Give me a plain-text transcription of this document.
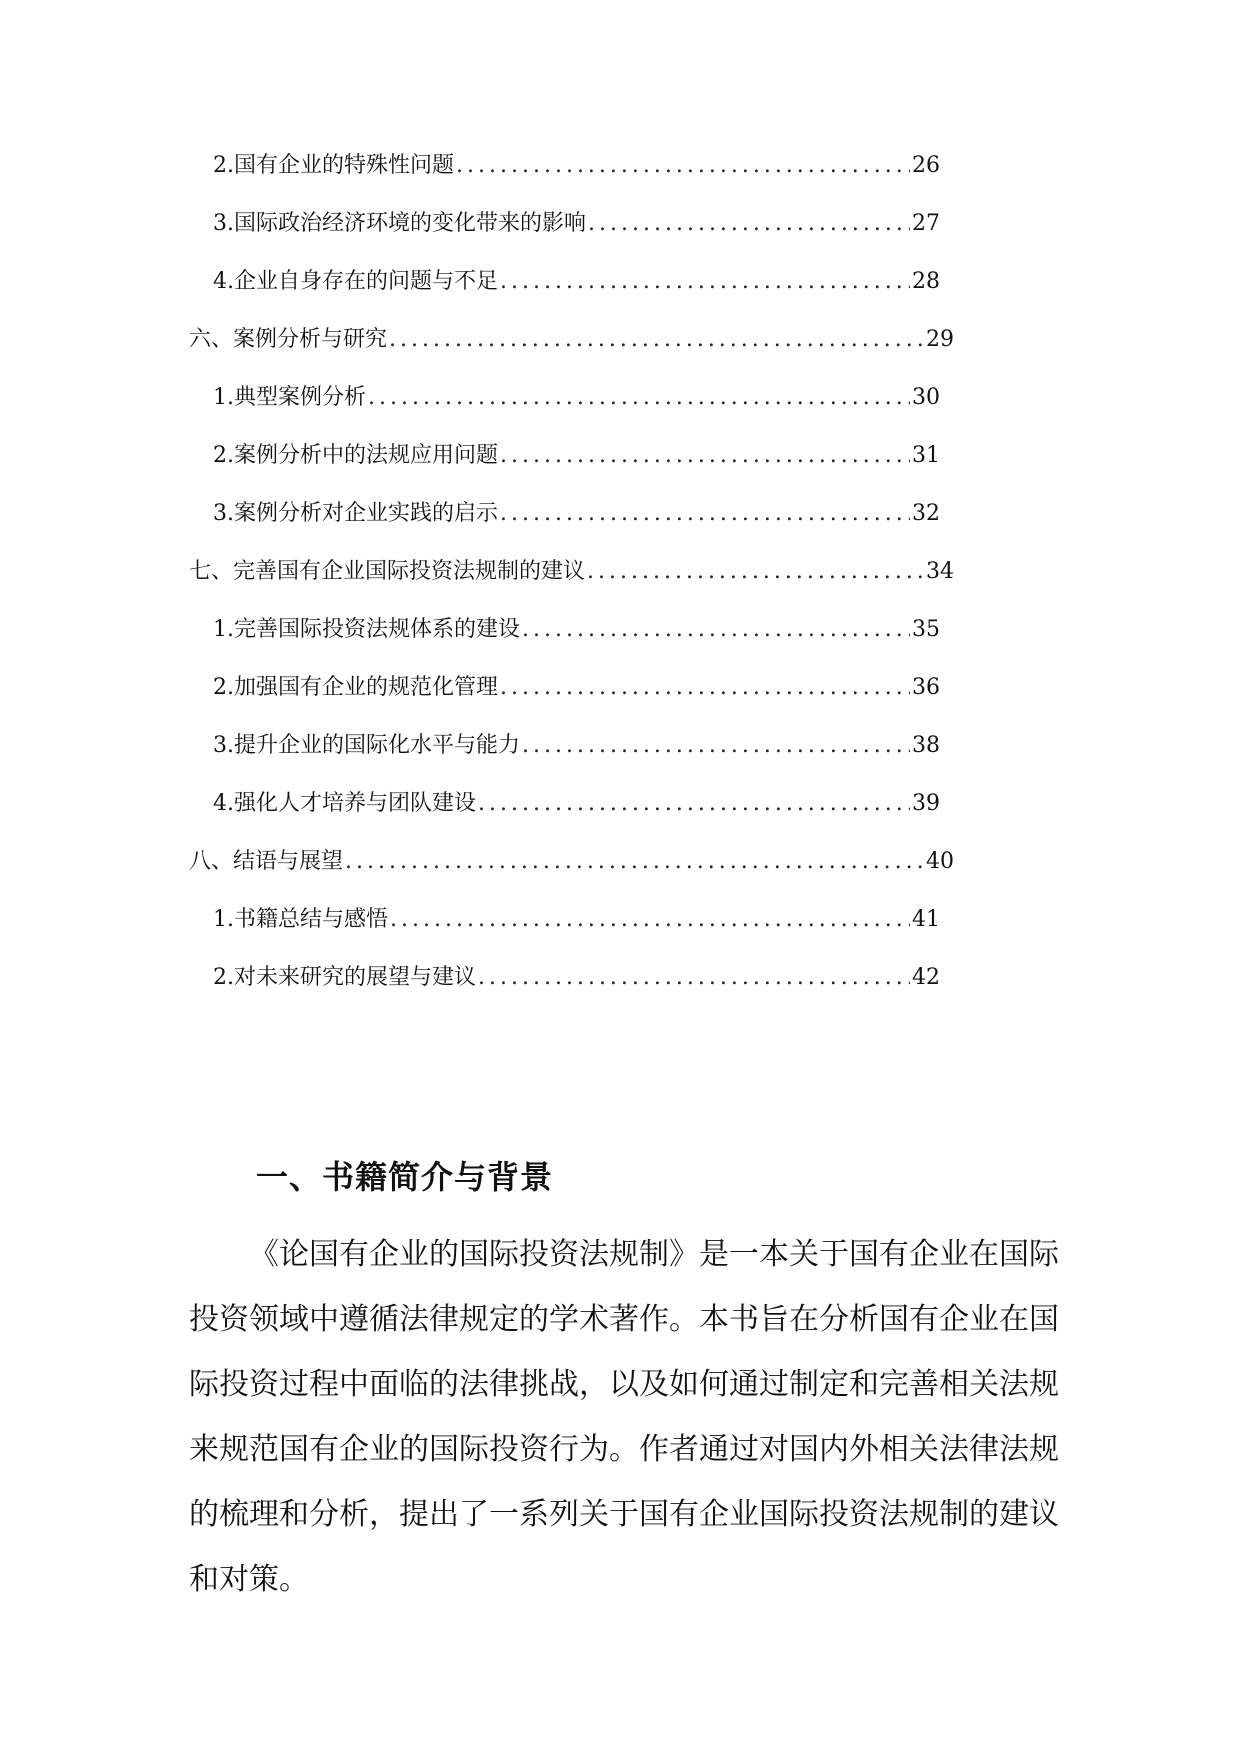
2. 国有企业的特殊性问题 .....	26
3. 国际政治经济环境的变化带来的影响 .....	27
4. 企业自身存在的问题与不足 .....	28
六、案例分析与研究 .....	29
1. 典型案例分析 .....	30
2. 案例分析中的法规应用问题 .....	31
3. 案例分析对企业实践的启示 .....	32
七、完善国有企业国际投资法规制的建议 .....	34
1. 完善国际投资法规体系的建设 .....	35
2. 加强国有企业的规范化管理 .....	36
3. 提升企业的国际化水平与能力 .....	38
4. 强化人才培养与团队建设 .....	39
八、结语与展望 .....	40
1. 书籍总结与感悟 .....	41
2. 对未来研究的展望与建议 .....	42
一、书籍简介与背景

《论国有企业的国际投资法规制》是一本关于国有企业在国际投资领域中遵循法律规定的学术著作。本书旨在分析国有企业在国际投资过程中面临的法律挑战，以及如何通过制定和完善相关法规来规范国有企业的国际投资行为。作者通过对国内外相关法律法规的梳理和分析，提出了一系列关于国有企业国际投资法规制的建议和对策。
